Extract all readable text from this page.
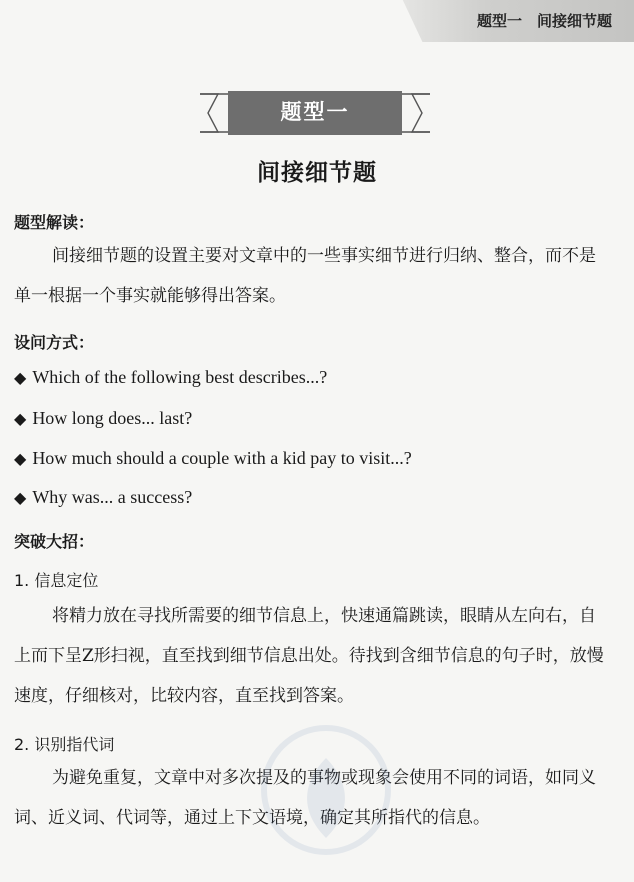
题型一　间接细节题
题型一
间接细节题
题型解读：
间接细节题的设置主要对文章中的一些事实细节进行归纳、整合，而不是单一根据一个事实就能够得出答案。
设问方式：
◆ Which of the following best describes...?
◆ How long does... last?
◆ How much should a couple with a kid pay to visit...?
◆ Why was... a success?
突破大招：
1. 信息定位
将精力放在寻找所需要的细节信息上，快速通篇跳读，眼睛从左向右，自上而下呈Z形扫视，直至找到细节信息出处。待找到含细节信息的句子时，放慢速度，仔细核对，比较内容，直至找到答案。
2. 识别指代词
为避免重复，文章中对多次提及的事物或现象会使用不同的词语，如同义词、近义词、代词等，通过上下文语境，确定其所指代的信息。
